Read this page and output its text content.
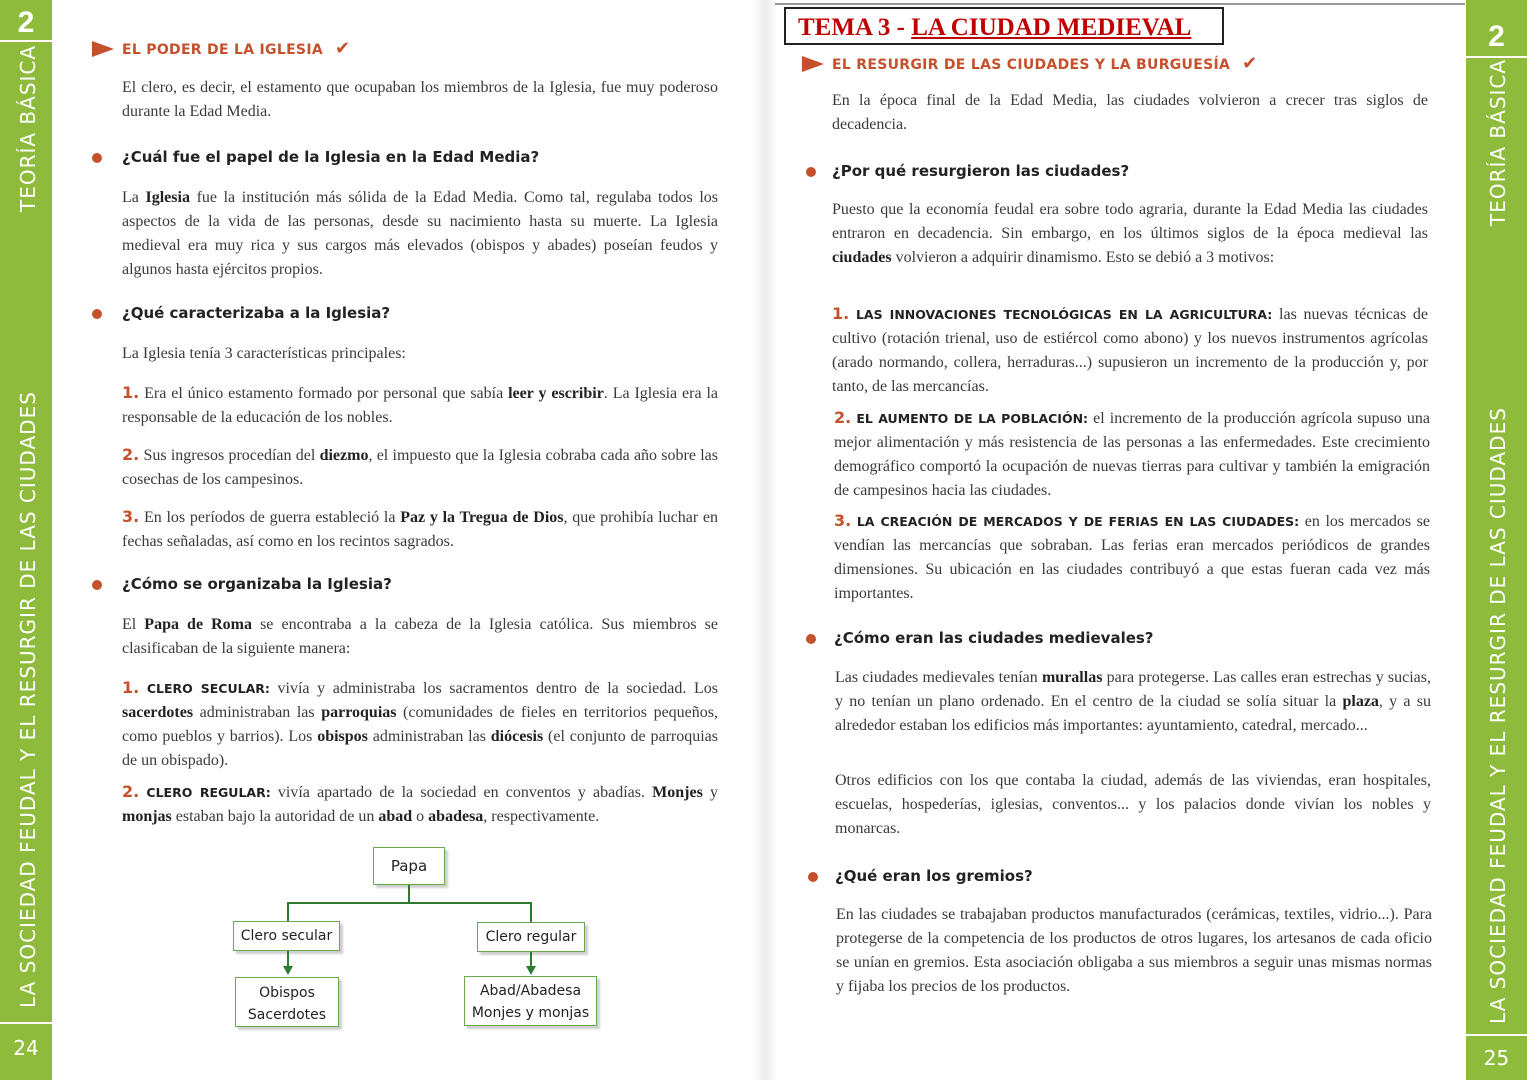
2
TEORÍA BÁSICA
LA SOCIEDAD FEUDAL Y EL RESURGIR DE LAS CIUDADES
24
2
TEORÍA BÁSICA
LA SOCIEDAD FEUDAL Y EL RESURGIR DE LAS CIUDADES
25
EL PODER DE LA IGLESIA ✔
El clero, es decir, el estamento que ocupaban los miembros de la Iglesia, fue muy poderoso durante la Edad Media.
¿Cuál fue el papel de la Iglesia en la Edad Media?
La Iglesia fue la institución más sólida de la Edad Media. Como tal, regulaba todos los aspectos de la vida de las personas, desde su nacimiento hasta su muerte. La Iglesia medieval era muy rica y sus cargos más elevados (obispos y abades) poseían feudos y algunos hasta ejércitos propios.
¿Qué caracterizaba a la Iglesia?
La Iglesia tenía 3 características principales:
1. Era el único estamento formado por personal que sabía leer y escribir. La Iglesia era la responsable de la educación de los nobles.
2. Sus ingresos procedían del diezmo, el impuesto que la Iglesia cobraba cada año sobre las cosechas de los campesinos.
3. En los períodos de guerra estableció la Paz y la Tregua de Dios, que prohibía luchar en fechas señaladas, así como en los recintos sagrados.
¿Cómo se organizaba la Iglesia?
El Papa de Roma se encontraba a la cabeza de la Iglesia católica. Sus miembros se clasificaban de la siguiente manera:
1. CLERO SECULAR: vivía y administraba los sacramentos dentro de la sociedad. Los sacerdotes administraban las parroquias (comunidades de fieles en territorios pequeños, como pueblos y barrios). Los obispos administraban las diócesis (el conjunto de parroquias de un obispado).
2. CLERO REGULAR: vivía apartado de la sociedad en conventos y abadías. Monjes y monjas estaban bajo la autoridad de un abad o abadesa, respectivamente.
Papa
Clero secular	Clero regular
Obispos
Sacerdotes
Abad/Abadesa
Monjes y monjas
TEMA 3 - LA CIUDAD MEDIEVAL
EL RESURGIR DE LAS CIUDADES Y LA BURGUESÍA ✔
En la época final de la Edad Media, las ciudades volvieron a crecer tras siglos de decadencia.
¿Por qué resurgieron las ciudades?
Puesto que la economía feudal era sobre todo agraria, durante la Edad Media las ciudades entraron en decadencia. Sin embargo, en los últimos siglos de la época medieval las ciudades volvieron a adquirir dinamismo. Esto se debió a 3 motivos:
1. LAS INNOVACIONES TECNOLÓGICAS EN LA AGRICULTURA: las nuevas técnicas de cultivo (rotación trienal, uso de estiércol como abono) y los nuevos instrumentos agrícolas (arado normando, collera, herraduras...) supusieron un incremento de la producción y, por tanto, de las mercancías.
2. EL AUMENTO DE LA POBLACIÓN: el incremento de la producción agrícola supuso una mejor alimentación y más resistencia de las personas a las enfermedades. Este crecimiento demográfico comportó la ocupación de nuevas tierras para cultivar y también la emigración de campesinos hacia las ciudades.
3. LA CREACIÓN DE MERCADOS Y DE FERIAS EN LAS CIUDADES: en los mercados se vendían las mercancías que sobraban. Las ferias eran mercados periódicos de grandes dimensiones. Su ubicación en las ciudades contribuyó a que estas fueran cada vez más importantes.
¿Cómo eran las ciudades medievales?
Las ciudades medievales tenían murallas para protegerse. Las calles eran estrechas y sucias, y no tenían un plano ordenado. En el centro de la ciudad se solía situar la plaza, y a su alrededor estaban los edificios más importantes: ayuntamiento, catedral, mercado...
Otros edificios con los que contaba la ciudad, además de las viviendas, eran hospitales, escuelas, hospederías, iglesias, conventos... y los palacios donde vivían los nobles y monarcas.
¿Qué eran los gremios?
En las ciudades se trabajaban productos manufacturados (cerámicas, textiles, vidrio...). Para protegerse de la competencia de los productos de otros lugares, los artesanos de cada oficio se unían en gremios. Esta asociación obligaba a sus miembros a seguir unas mismas normas y fijaba los precios de los productos.
